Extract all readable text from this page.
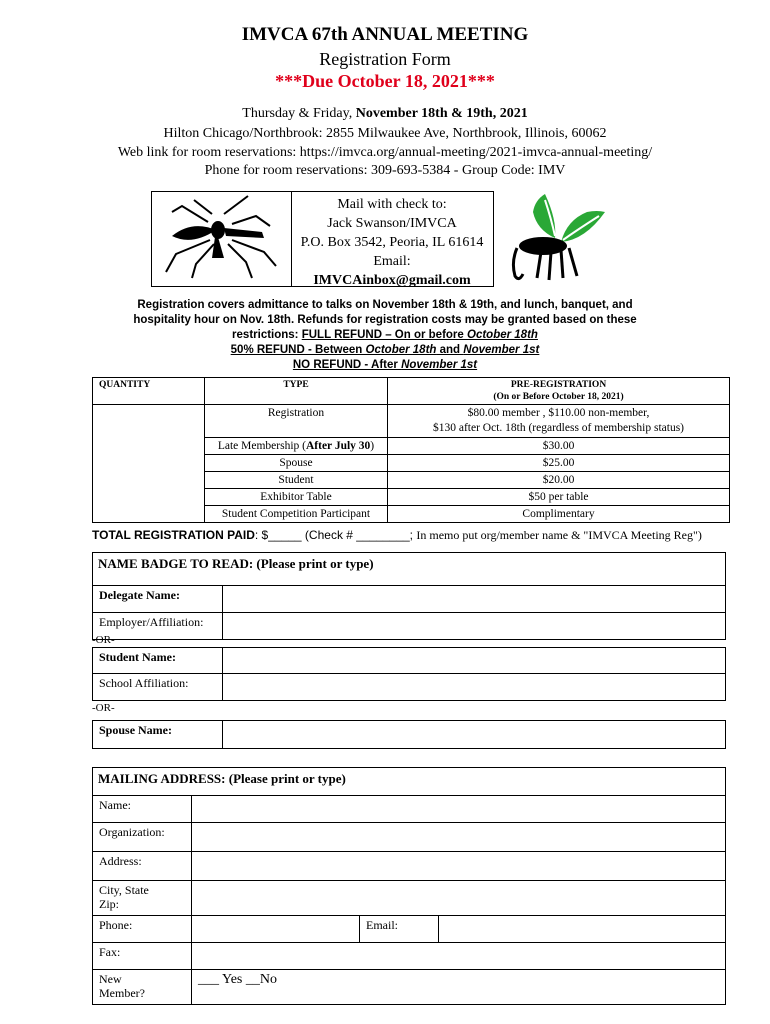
IMVCA 67th ANNUAL MEETING
Registration Form
***Due October 18, 2021***
Thursday & Friday, November 18th & 19th, 2021
Hilton Chicago/Northbrook: 2855 Milwaukee Ave, Northbrook, Illinois, 60062
Web link for room reservations: https://imvca.org/annual-meeting/2021-imvca-annual-meeting/
Phone for room reservations: 309-693-5384 - Group Code: IMV
Mail with check to:
Jack Swanson/IMVCA
P.O. Box 3542, Peoria, IL 61614
Email:
IMVCAinbox@gmail.com
Registration covers admittance to talks on November 18th & 19th, and lunch, banquet, and
hospitality hour on Nov. 18th. Refunds for registration costs may be granted based on these
restrictions: FULL REFUND – On or before October 18th
50% REFUND - Between October 18th and November 1st
NO REFUND - After November 1st
QUANTITY	TYPE	PRE-REGISTRATION
(On or Before October 18, 2021)

	Registration	$80.00 member , $110.00 non-member,
$130 after Oct. 18th (regardless of membership status)

	Late Membership (After July 30)	$30.00
	Spouse	$25.00
	Student	$20.00
	Exhibitor Table	$50 per table
	Student Competition Participant	Complimentary
TOTAL REGISTRATION PAID: $_____ (Check # ________; In memo put org/member name & "IMVCA Meeting Reg")
NAME BADGE TO READ: (Please print or type)	
Delegate Name:	
Employer/Affiliation:	
-OR-
Student Name:	
School Affiliation:	
-OR-
Spouse Name:	
MAILING ADDRESS: (Please print or type)			
Name:			
Organization:			
Address:			

City, State
Zip:			

Phone:		Email:	
Fax:			

New
Member?	___ Yes __No		
